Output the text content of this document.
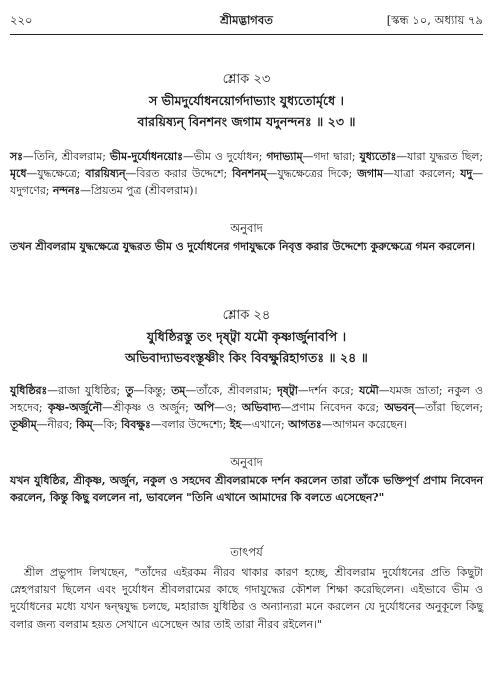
২২০	শ্রীমদ্ভাগবত	[স্কন্ধ ১০, অধ্যায় ৭৯
শ্লোক ২৩
স ভীমদুর্যোধনয়োর্গদাভ্যাং যুধ্যতোর্মৃধে ।
বারয়িষ্যন্ বিনশনং জগাম যদুনন্দনঃ ॥ ২৩ ॥
সঃ—তিনি, শ্রীবলরাম; ভীম-দুর্যোধনয়োঃ—ভীম ও দুর্যোধন; গদাভ্যাম্—গদা দ্বারা; যুধ্যতোঃ—যারা যুদ্ধরত ছিল; মৃধে—যুদ্ধক্ষেত্রে; বারয়িষ্যন্—বিরত করার উদ্দেশে; বিনশনম্—যুদ্ধক্ষেত্রের দিকে; জগাম—যাত্রা করলেন; যদু—যদুগণের; নন্দনঃ—প্রিয়তম পুত্র (শ্রীবলরাম)।
অনুবাদ
তখন শ্রীবলরাম যুদ্ধক্ষেত্রে যুদ্ধরত ভীম ও দুর্যোধনের গদাযুদ্ধকে নিবৃত্ত করার উদ্দেশ্যে কুরুক্ষেত্রে গমন করলেন।
শ্লোক ২৪
যুধিষ্ঠিরস্তু তং দৃষ্ট্বা যমৌ কৃষ্ণার্জুনাবপি ।
অভিবাদ্যাভবংস্তূষ্ণীং কিং বিবক্ষুরিহাগতঃ ॥ ২৪ ॥
যুধিষ্ঠিরঃ—রাজা যুধিষ্ঠির; তু—কিন্তু; তম্—তাঁকে, শ্রীবলরাম; দৃষ্ট্বা—দর্শন করে; যমৌ—যমজ ভ্রাতা; নকুল ও সহদেব; কৃষ্ণ-অর্জুনৌ—শ্রীকৃষ্ণ ও অর্জুন; অপি—ও; অভিবাদ্য—প্রণাম নিবেদন করে; অভবন্—তাঁরা ছিলেন; তূষ্ণীম্—নীরব; কিম্—কি; বিবক্ষুঃ—বলার উদ্দেশ্যে; ইহ—এখানে; আগতঃ—আগমন করেছেন।
অনুবাদ
যখন যুধিষ্ঠির, শ্রীকৃষ্ণ, অর্জুন, নকুল ও সহদেব শ্রীবলরামকে দর্শন করলেন তারা তাঁকে ভক্তিপূর্ণ প্রণাম নিবেদন করলেন, কিন্তু কিছু বললেন না, ভাবলেন "তিনি এখানে আমাদের কি বলতে এসেছেন?"
তাৎপর্য
শ্রীল প্রভুপাদ লিখছেন, "তাঁদের এইরকম নীরব থাকার কারণ হচ্ছে, শ্রীবলরাম দুর্যোধনের প্রতি কিছুটা স্নেহপরায়ণ ছিলেন এবং দুর্যোধন শ্রীবলরামের কাছে গদাযুদ্ধের কৌশল শিক্ষা করেছিলেন। এইভাবে ভীম ও দুর্যোধনের মধ্যে যখন দ্বন্দ্বযুদ্ধ চলছে, মহারাজ যুধিষ্ঠির ও অন্যান্যরা মনে করলেন যে দুর্যোধনের অনুকূলে কিছু বলার জন্য বলরাম হয়ত সেখানে এসেছেন আর তাই তারা নীরব রইলেন।"
